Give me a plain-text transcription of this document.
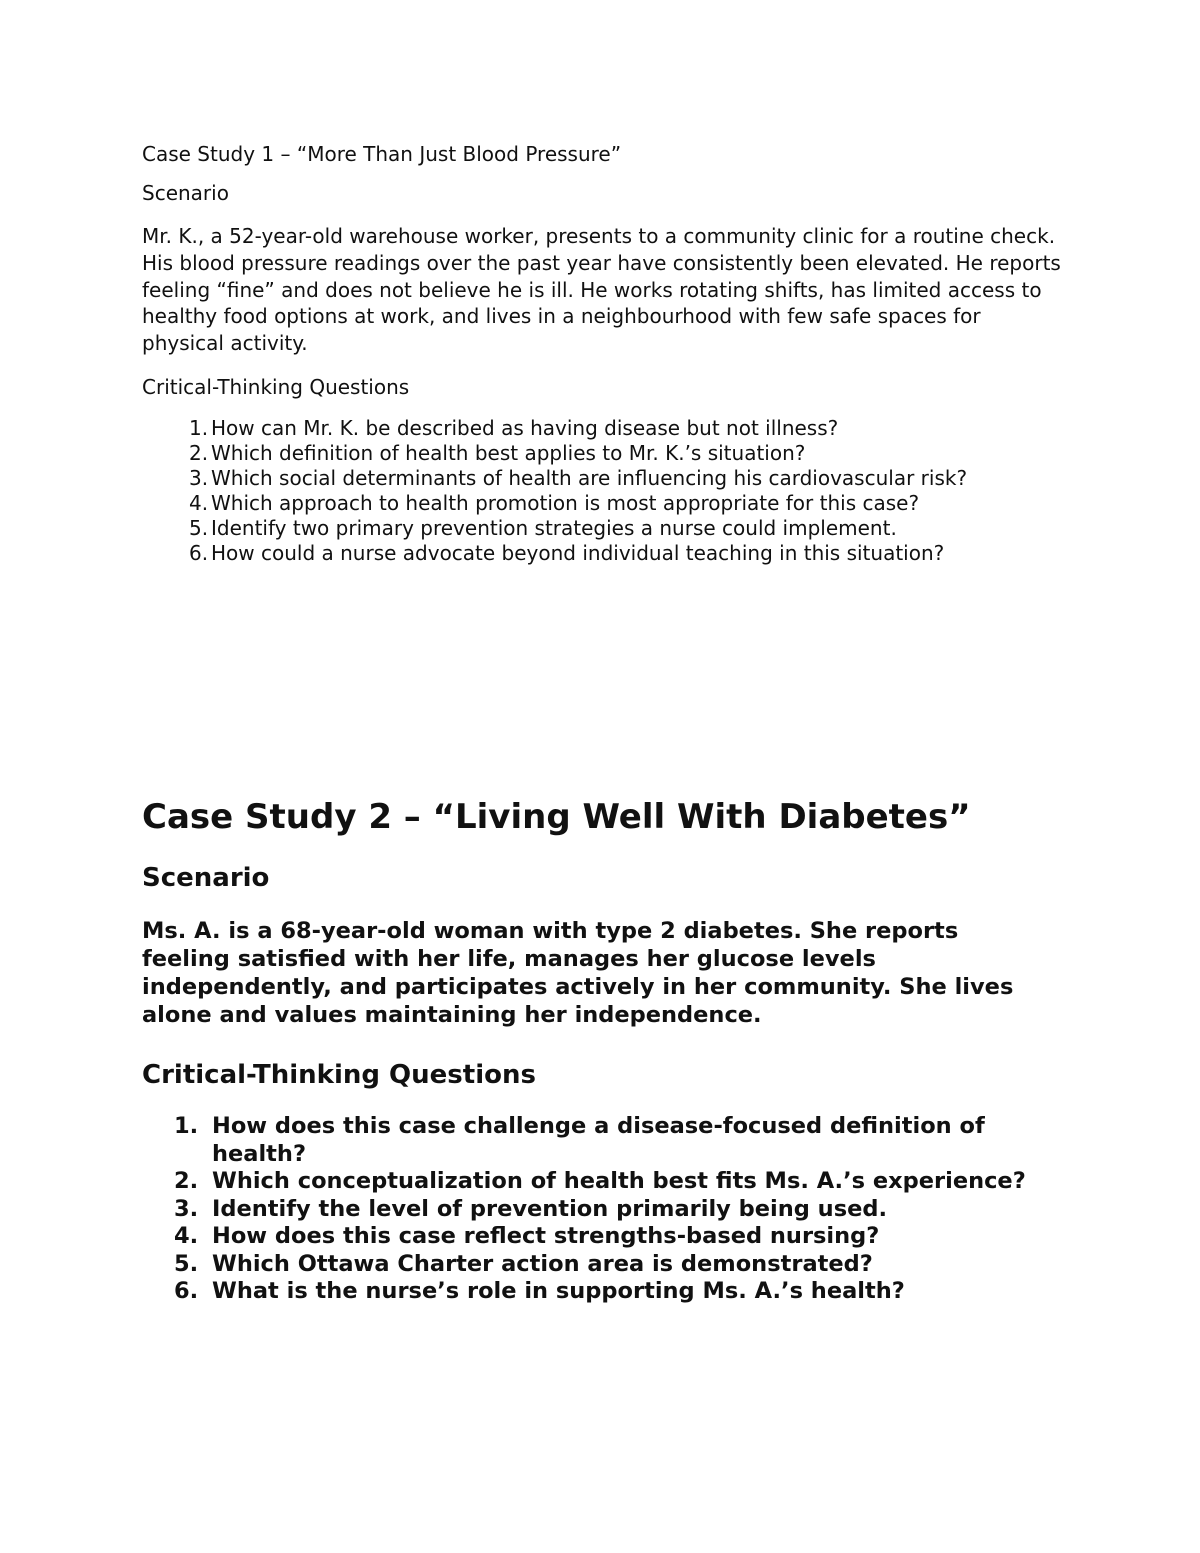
Case Study 1 – “More Than Just Blood Pressure”

Scenario

Mr. K., a 52-year-old warehouse worker, presents to a community clinic for a routine check. His blood pressure readings over the past year have consistently been elevated. He reports feeling “fine” and does not believe he is ill. He works rotating shifts, has limited access to healthy food options at work, and lives in a neighbourhood with few safe spaces for physical activity.

Critical-Thinking Questions

1. How can Mr. K. be described as having disease but not illness?
2. Which definition of health best applies to Mr. K.’s situation?
3. Which social determinants of health are influencing his cardiovascular risk?
4. Which approach to health promotion is most appropriate for this case?
5. Identify two primary prevention strategies a nurse could implement.
6. How could a nurse advocate beyond individual teaching in this situation?

Case Study 2 – “Living Well With Diabetes”

Scenario

Ms. A. is a 68-year-old woman with type 2 diabetes. She reports feeling satisfied with her life, manages her glucose levels independently, and participates actively in her community. She lives alone and values maintaining her independence.

Critical-Thinking Questions

1. How does this case challenge a disease-focused definition of health?
2. Which conceptualization of health best fits Ms. A.’s experience?
3. Identify the level of prevention primarily being used.
4. How does this case reflect strengths-based nursing?
5. Which Ottawa Charter action area is demonstrated?
6. What is the nurse’s role in supporting Ms. A.’s health?
